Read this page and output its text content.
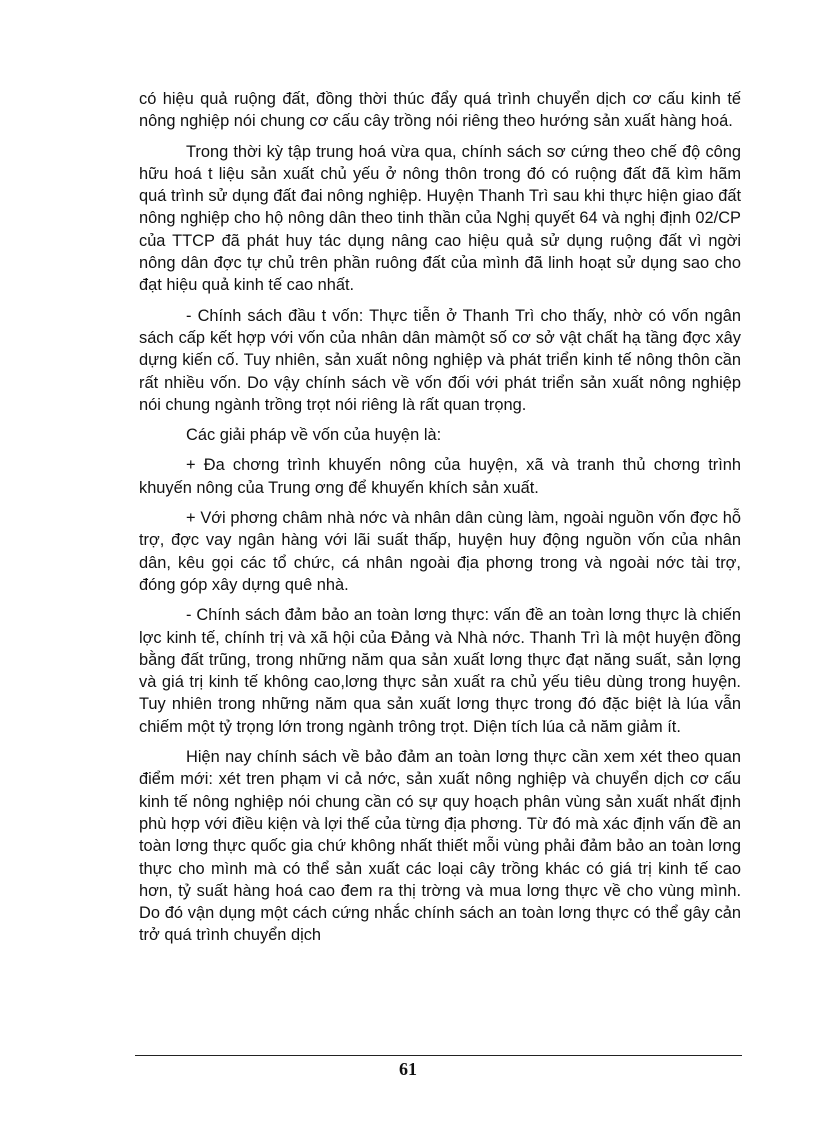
có hiệu quả ruộng đất, đồng thời thúc đẩy quá trình chuyển dịch cơ cấu kinh tế nông nghiệp nói chung cơ cấu cây trồng nói riêng theo hướng sản xuất hàng hoá.

Trong thời kỳ tập trung hoá vừa qua, chính sách sơ cứng theo chế độ công hữu hoá t liệu sản xuất chủ yếu ở nông thôn trong đó có ruộng đất đã kìm hãm quá trình sử dụng đất đai nông nghiệp. Huyện Thanh Trì sau khi thực hiện giao đất nông nghiệp cho hộ nông dân theo tinh thần của Nghị quyết 64 và nghị định 02/CP của TTCP đã phát huy tác dụng nâng cao hiệu quả sử dụng ruộng đất vì ngời nông dân đợc tự chủ trên phần ruông đất của mình đã linh hoạt sử dụng sao cho đạt hiệu quả kinh tế cao nhất.

- Chính sách đầu t vốn: Thực tiễn ở Thanh Trì cho thấy, nhờ có vốn ngân sách cấp kết hợp với vốn của nhân dân màmột số cơ sở vật chất hạ tầng đợc xây dựng kiến cố. Tuy nhiên, sản xuất nông nghiệp và phát triển kinh tế nông thôn cần rất nhiều vốn. Do vậy chính sách về vốn đối với phát triển sản xuất nông nghiệp nói chung ngành trồng trọt nói riêng là rất quan trọng.

Các giải pháp về vốn của huyện là:

+ Đa chơng trình khuyến nông của huyện, xã và tranh thủ chơng trình khuyến nông của Trung ơng để khuyến khích sản xuất.

+ Với phơng châm nhà nớc và nhân dân cùng làm, ngoài nguồn vốn đợc hỗ trợ, đợc vay ngân hàng với lãi suất thấp, huyện huy động nguồn vốn của nhân dân, kêu gọi các tổ chức, cá nhân ngoài địa phơng trong và ngoài nớc tài trợ, đóng góp xây dựng quê nhà.

- Chính sách đảm bảo an toàn lơng thực: vấn đề an toàn lơng thực là chiến lợc kinh tế, chính trị và xã hội của Đảng và Nhà nớc. Thanh Trì là một huyện đồng bằng đất trũng, trong những năm qua sản xuất lơng thực đạt năng suất, sản lợng và giá trị kinh tế không cao,lơng thực sản xuất ra chủ yếu tiêu dùng trong huyện. Tuy nhiên trong những năm qua sản xuất lơng thực trong đó đặc biệt là lúa vẫn chiếm một tỷ trọng lớn trong ngành trông trọt. Diện tích lúa cả năm giảm ít.

Hiện nay chính sách về bảo đảm an toàn lơng thực cần xem xét theo quan điểm mới: xét tren phạm vi cả nớc, sản xuất nông nghiệp và chuyển dịch cơ cấu kinh tế nông nghiệp nói chung cần có sự quy hoạch phân vùng sản xuất nhất định phù hợp với điều kiện và lợi thế của từng địa phơng. Từ đó mà xác định vấn đề an toàn lơng thực quốc gia chứ không nhất thiết mỗi vùng phải đảm bảo an toàn lơng thực cho mình mà có thể sản xuất các loại cây trồng khác có giá trị kinh tế cao hơn, tỷ suất hàng hoá cao đem ra thị trờng và mua lơng thực về cho vùng mình. Do đó vận dụng một cách cứng nhắc chính sách an toàn lơng thực có thể gây cản trở quá trình chuyển dịch

61
